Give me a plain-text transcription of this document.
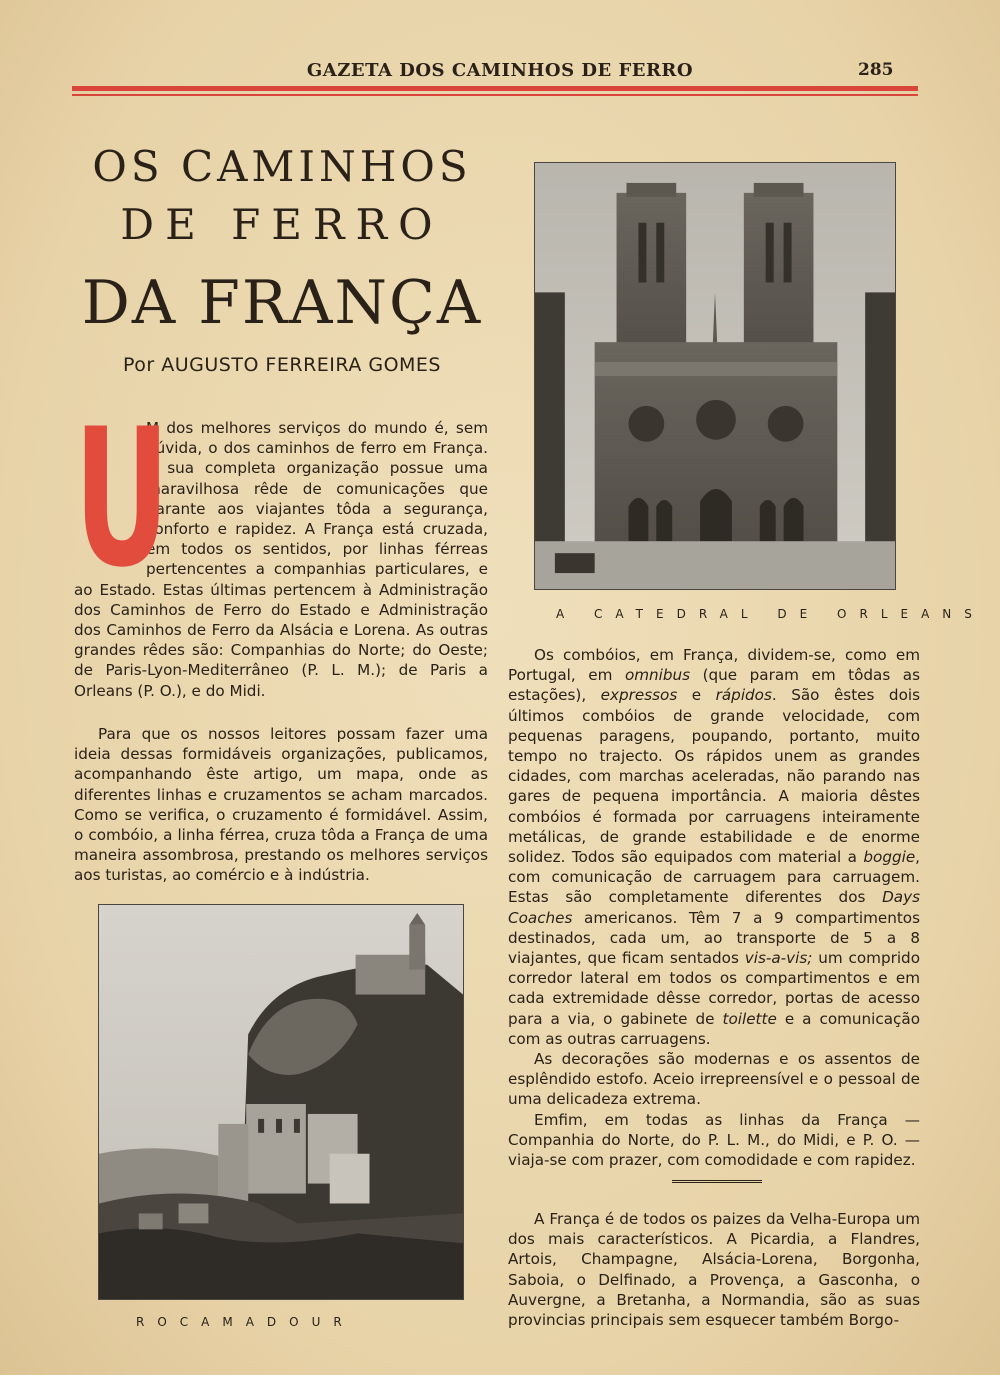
GAZETA DOS CAMINHOS DE FERRO	285
OS CAMINHOS
DE FERRO
DA FRANÇA
Por AUGUSTO FERREIRA GOMES
U

M dos melhores serviços do mundo é, sem dúvida, o dos caminhos de ferro em França. A sua completa organização possue uma maravilhosa rêde de comunicações que garante aos viajantes tôda a segurança, conforto e rapidez. A França está cruzada, em todos os sentidos, por linhas férreas pertencentes a companhias particulares, e ao Estado. Estas últimas pertencem à Administração dos Caminhos de Ferro do Estado e Administração dos Caminhos de Ferro da Alsácia e Lorena. As outras grandes rêdes são: Companhias do Norte; do Oeste; de Paris-Lyon-Mediterrâneo (P. L. M.); de Paris a Orleans (P. O.), e do Midi.

Para que os nossos leitores possam fazer uma ideia dessas formidáveis organizações, publicamos, acompanhando êste artigo, um mapa, onde as diferentes linhas e cruzamentos se acham marcados. Como se verifica, o cruzamento é formidável. Assim, o combóio, a linha férrea, cruza tôda a França de uma maneira assombrosa, prestando os melhores serviços aos turistas, ao comércio e à indústria.

A CATEDRAL DE ORLEANS
ROCAMADOUR

Os combóios, em França, dividem-se, como em Portugal, em omnibus (que param em tôdas as estações), expressos e rápidos. São êstes dois últimos combóios de grande velocidade, com pequenas paragens, poupando, portanto, muito tempo no trajecto. Os rápidos unem as grandes cidades, com marchas aceleradas, não parando nas gares de pequena importância. A maioria dêstes combóios é formada por carruagens inteiramente metálicas, de grande estabilidade e de enorme solidez. Todos são equipados com material a boggie, com comunicação de carruagem para carruagem. Estas são completamente diferentes dos Days Coaches americanos. Têm 7 a 9 compartimentos destinados, cada um, ao transporte de 5 a 8 viajantes, que ficam sentados vis-a-vis; um comprido corredor lateral em todos os compartimentos e em cada extremidade dêsse corredor, portas de acesso para a via, o gabinete de toilette e a comunicação com as outras carruagens.

As decorações são modernas e os assentos de esplêndido estofo. Aceio irrepreensível e o pessoal de uma delicadeza extrema.

Emfim, em todas as linhas da França — Companhia do Norte, do P. L. M., do Midi, e P. O. — viaja-se com prazer, com comodidade e com rapidez.

A França é de todos os paizes da Velha-Europa um dos mais característicos. A Picardia, a Flandres, Artois, Champagne, Alsácia-Lorena, Borgonha, Saboia, o Delfinado, a Provença, a Gasconha, o Auvergne, a Bretanha, a Normandia, são as suas provincias principais sem esquecer também Borgo-
